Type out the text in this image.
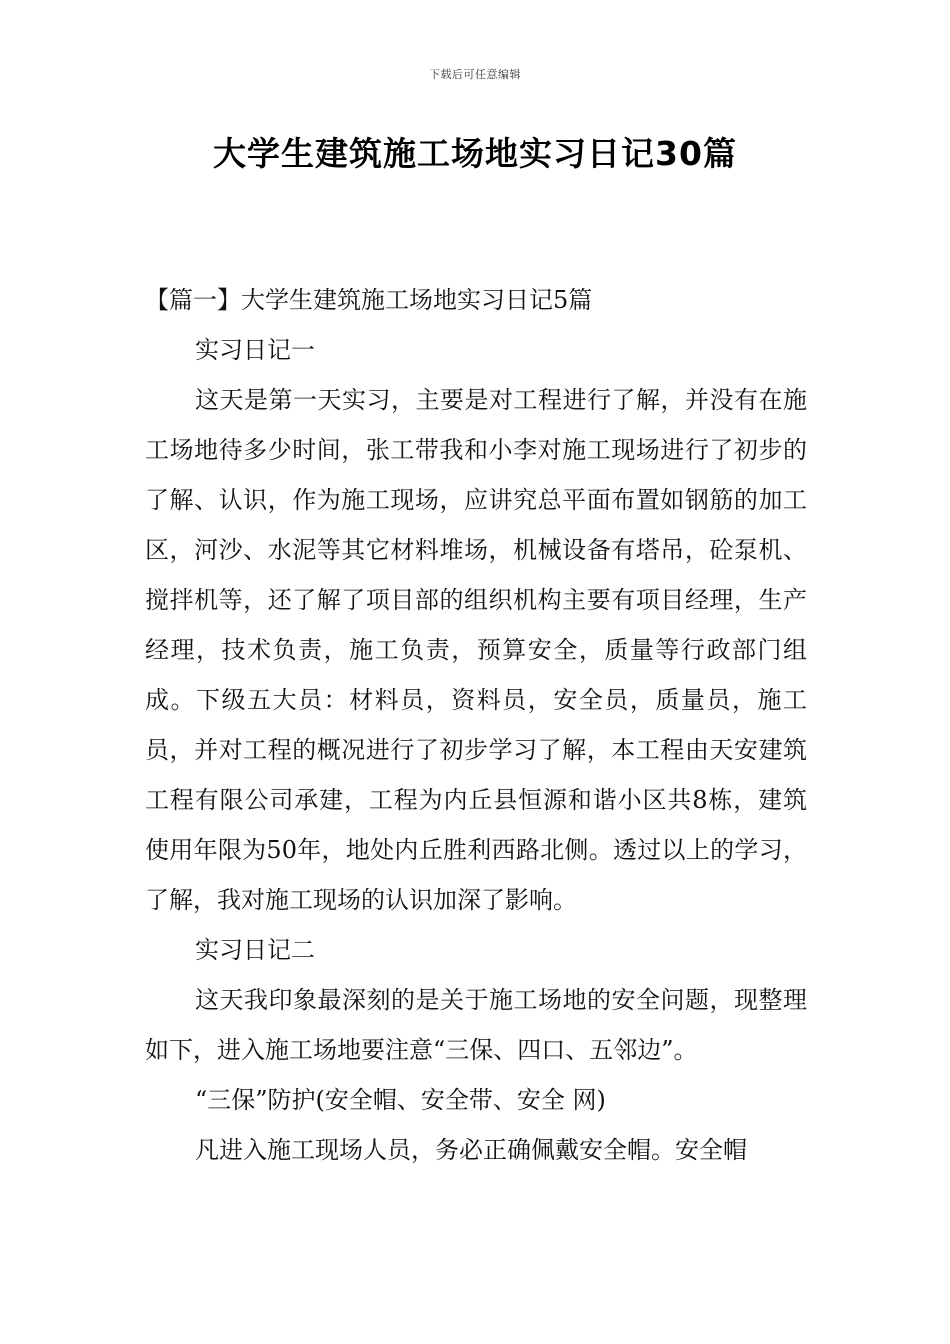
下载后可任意编辑
大学生建筑施工场地实习日记30篇

【篇一】大学生建筑施工场地实习日记5篇

实习日记一

这天是第一天实习，主要是对工程进行了解，并没有在施工场地待多少时间，张工带我和小李对施工现场进行了初步的了解、认识，作为施工现场，应讲究总平面布置如钢筋的加工区，河沙、水泥等其它材料堆场，机械设备有塔吊，砼泵机、搅拌机等，还了解了项目部的组织机构主要有项目经理，生产经理，技术负责，施工负责，预算安全，质量等行政部门组成。下级五大员：材料员，资料员，安全员，质量员，施工员，并对工程的概况进行了初步学习了解，本工程由天安建筑工程有限公司承建，工程为内丘县恒源和谐小区共8栋，建筑使用年限为50年，地处内丘胜利西路北侧。透过以上的学习，了解，我对施工现场的认识加深了影响。

实习日记二

这天我印象最深刻的是关于施工场地的安全问题，现整理如下，进入施工场地要注意“三保、四口、五邻边”。

“三保”防护(安全帽、安全带、安全 网)

凡进入施工现场人员，务必正确佩戴安全帽。安全帽
